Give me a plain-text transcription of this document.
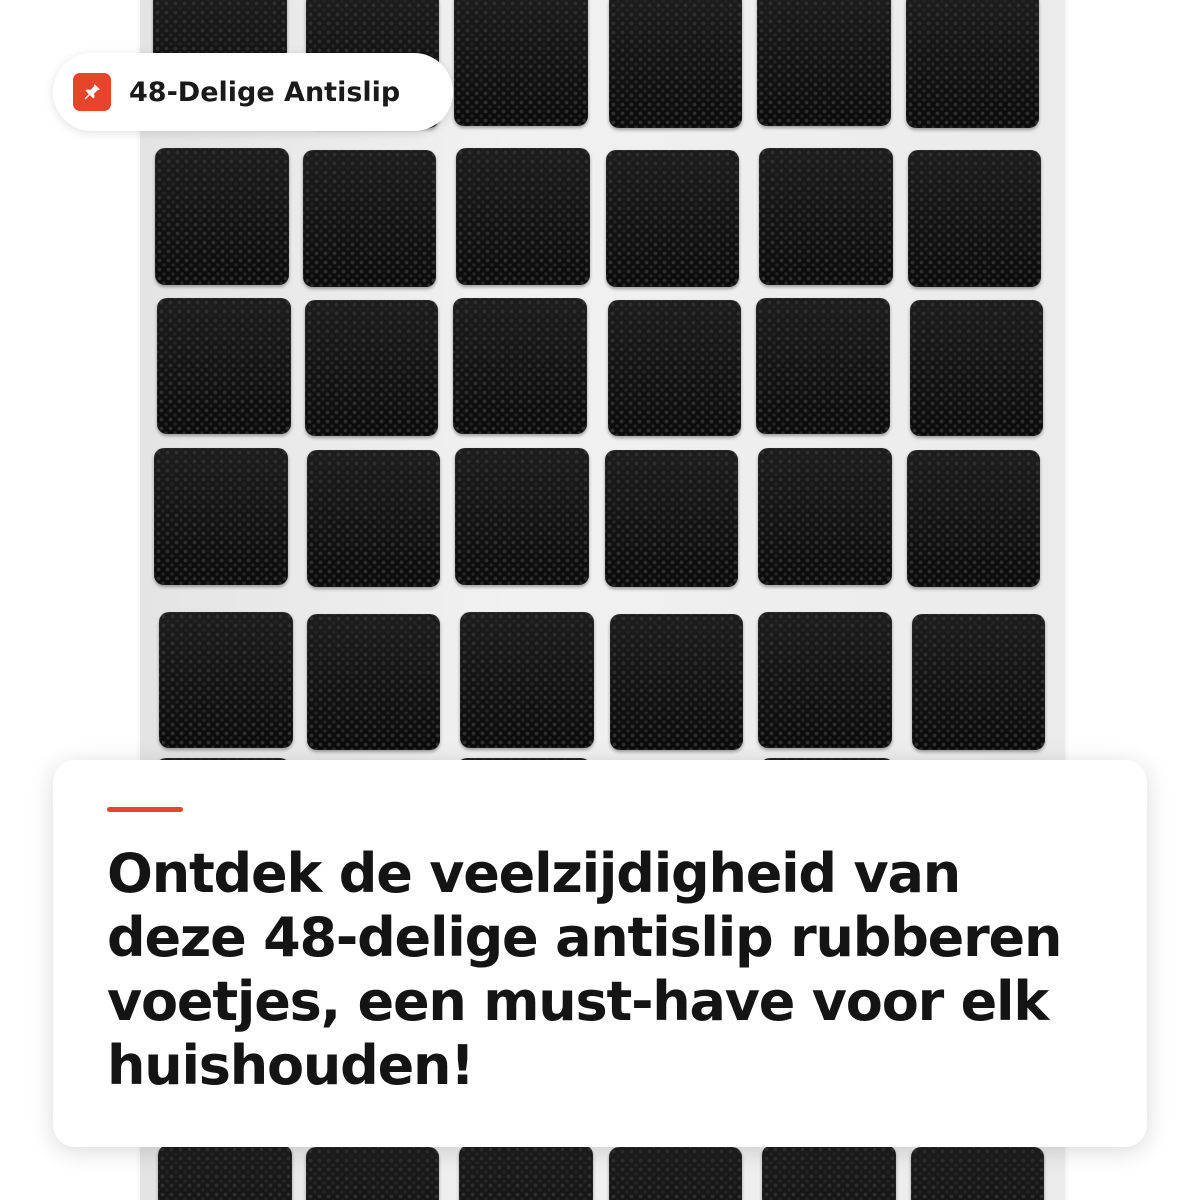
48-Delige Antislip
Ontdek de veelzijdigheid van deze 48-delige antislip rubberen voetjes, een must-have voor elk huishouden!
